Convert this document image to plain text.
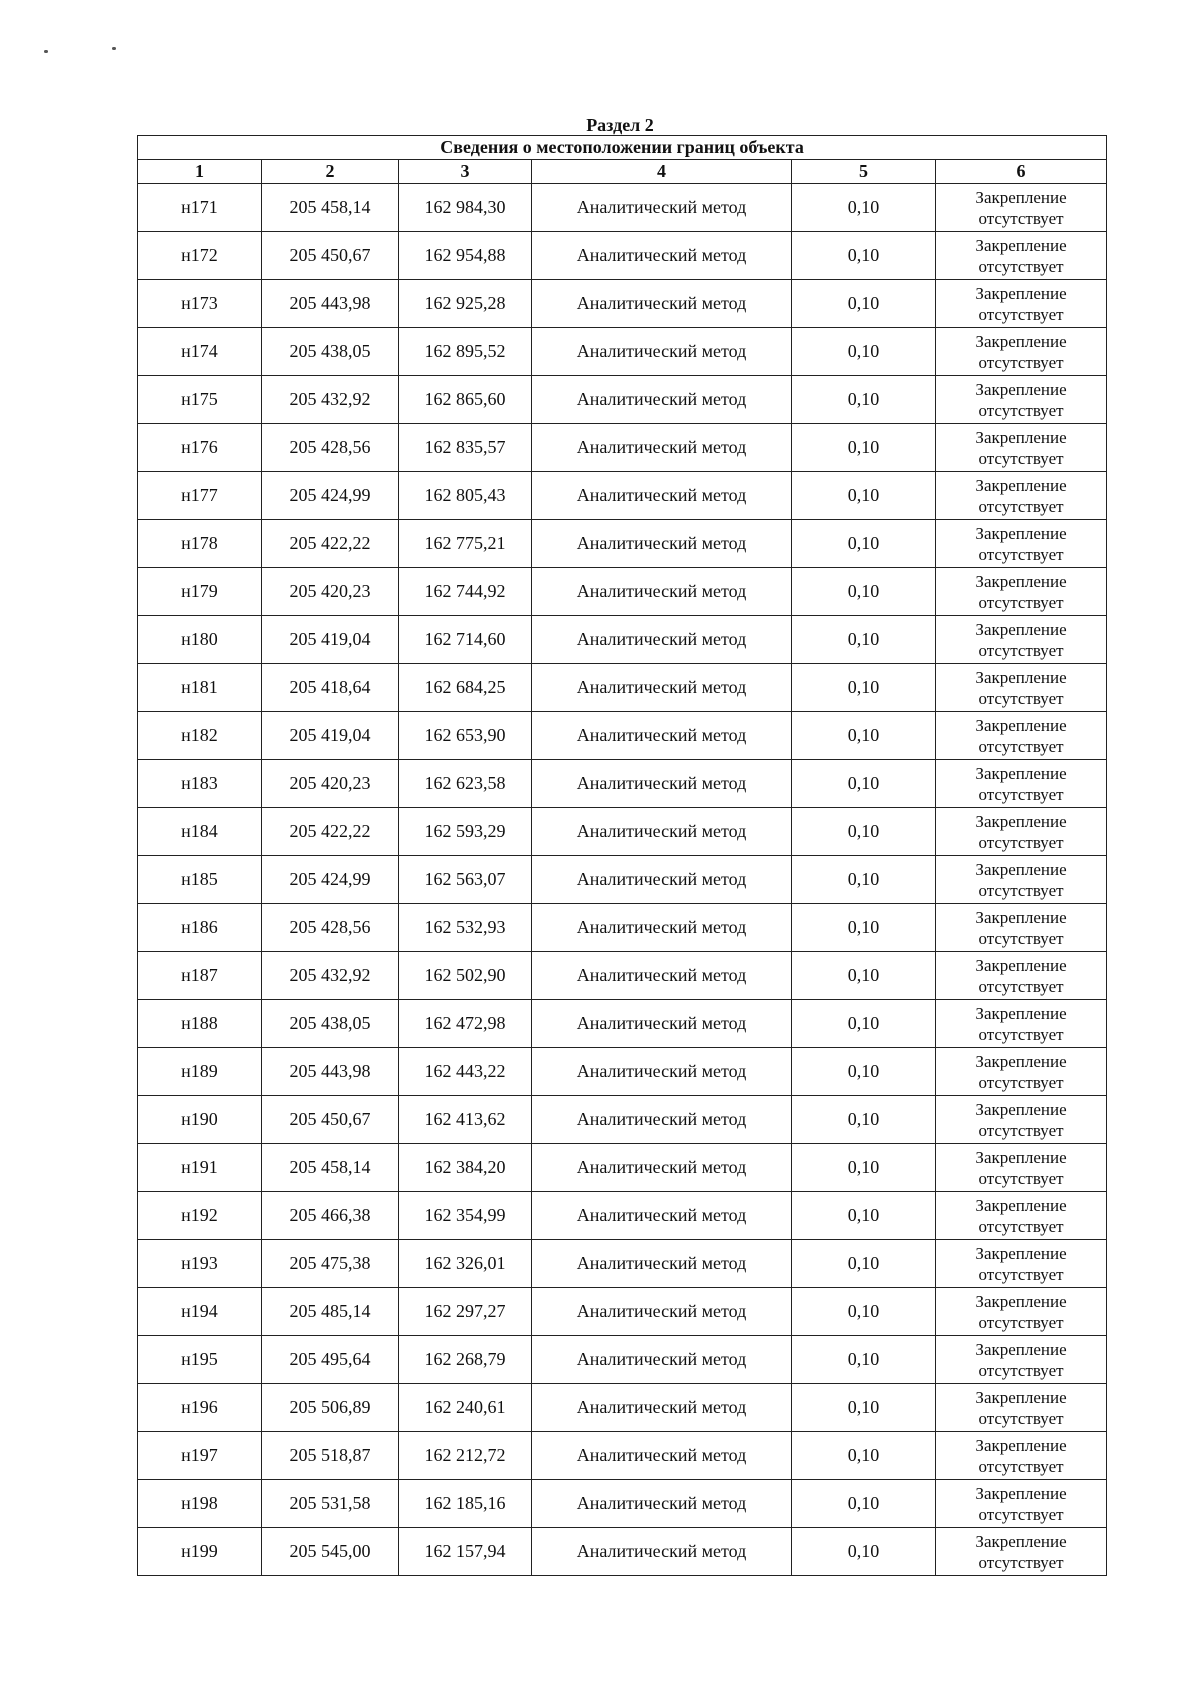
Раздел 2
Сведения о местоположении границ объекта					
1	2	3	4	5	6
н171	205 458,14	162 984,30	Аналитический метод	0,10	Закрепление
отсутствует

н172	205 450,67	162 954,88	Аналитический метод	0,10	Закрепление
отсутствует

н173	205 443,98	162 925,28	Аналитический метод	0,10	Закрепление
отсутствует

н174	205 438,05	162 895,52	Аналитический метод	0,10	Закрепление
отсутствует

н175	205 432,92	162 865,60	Аналитический метод	0,10	Закрепление
отсутствует

н176	205 428,56	162 835,57	Аналитический метод	0,10	Закрепление
отсутствует

н177	205 424,99	162 805,43	Аналитический метод	0,10	Закрепление
отсутствует

н178	205 422,22	162 775,21	Аналитический метод	0,10	Закрепление
отсутствует

н179	205 420,23	162 744,92	Аналитический метод	0,10	Закрепление
отсутствует

н180	205 419,04	162 714,60	Аналитический метод	0,10	Закрепление
отсутствует

н181	205 418,64	162 684,25	Аналитический метод	0,10	Закрепление
отсутствует

н182	205 419,04	162 653,90	Аналитический метод	0,10	Закрепление
отсутствует

н183	205 420,23	162 623,58	Аналитический метод	0,10	Закрепление
отсутствует

н184	205 422,22	162 593,29	Аналитический метод	0,10	Закрепление
отсутствует

н185	205 424,99	162 563,07	Аналитический метод	0,10	Закрепление
отсутствует

н186	205 428,56	162 532,93	Аналитический метод	0,10	Закрепление
отсутствует

н187	205 432,92	162 502,90	Аналитический метод	0,10	Закрепление
отсутствует

н188	205 438,05	162 472,98	Аналитический метод	0,10	Закрепление
отсутствует

н189	205 443,98	162 443,22	Аналитический метод	0,10	Закрепление
отсутствует

н190	205 450,67	162 413,62	Аналитический метод	0,10	Закрепление
отсутствует

н191	205 458,14	162 384,20	Аналитический метод	0,10	Закрепление
отсутствует

н192	205 466,38	162 354,99	Аналитический метод	0,10	Закрепление
отсутствует

н193	205 475,38	162 326,01	Аналитический метод	0,10	Закрепление
отсутствует

н194	205 485,14	162 297,27	Аналитический метод	0,10	Закрепление
отсутствует

н195	205 495,64	162 268,79	Аналитический метод	0,10	Закрепление
отсутствует

н196	205 506,89	162 240,61	Аналитический метод	0,10	Закрепление
отсутствует

н197	205 518,87	162 212,72	Аналитический метод	0,10	Закрепление
отсутствует

н198	205 531,58	162 185,16	Аналитический метод	0,10	Закрепление
отсутствует

н199	205 545,00	162 157,94	Аналитический метод	0,10	Закрепление
отсутствует
